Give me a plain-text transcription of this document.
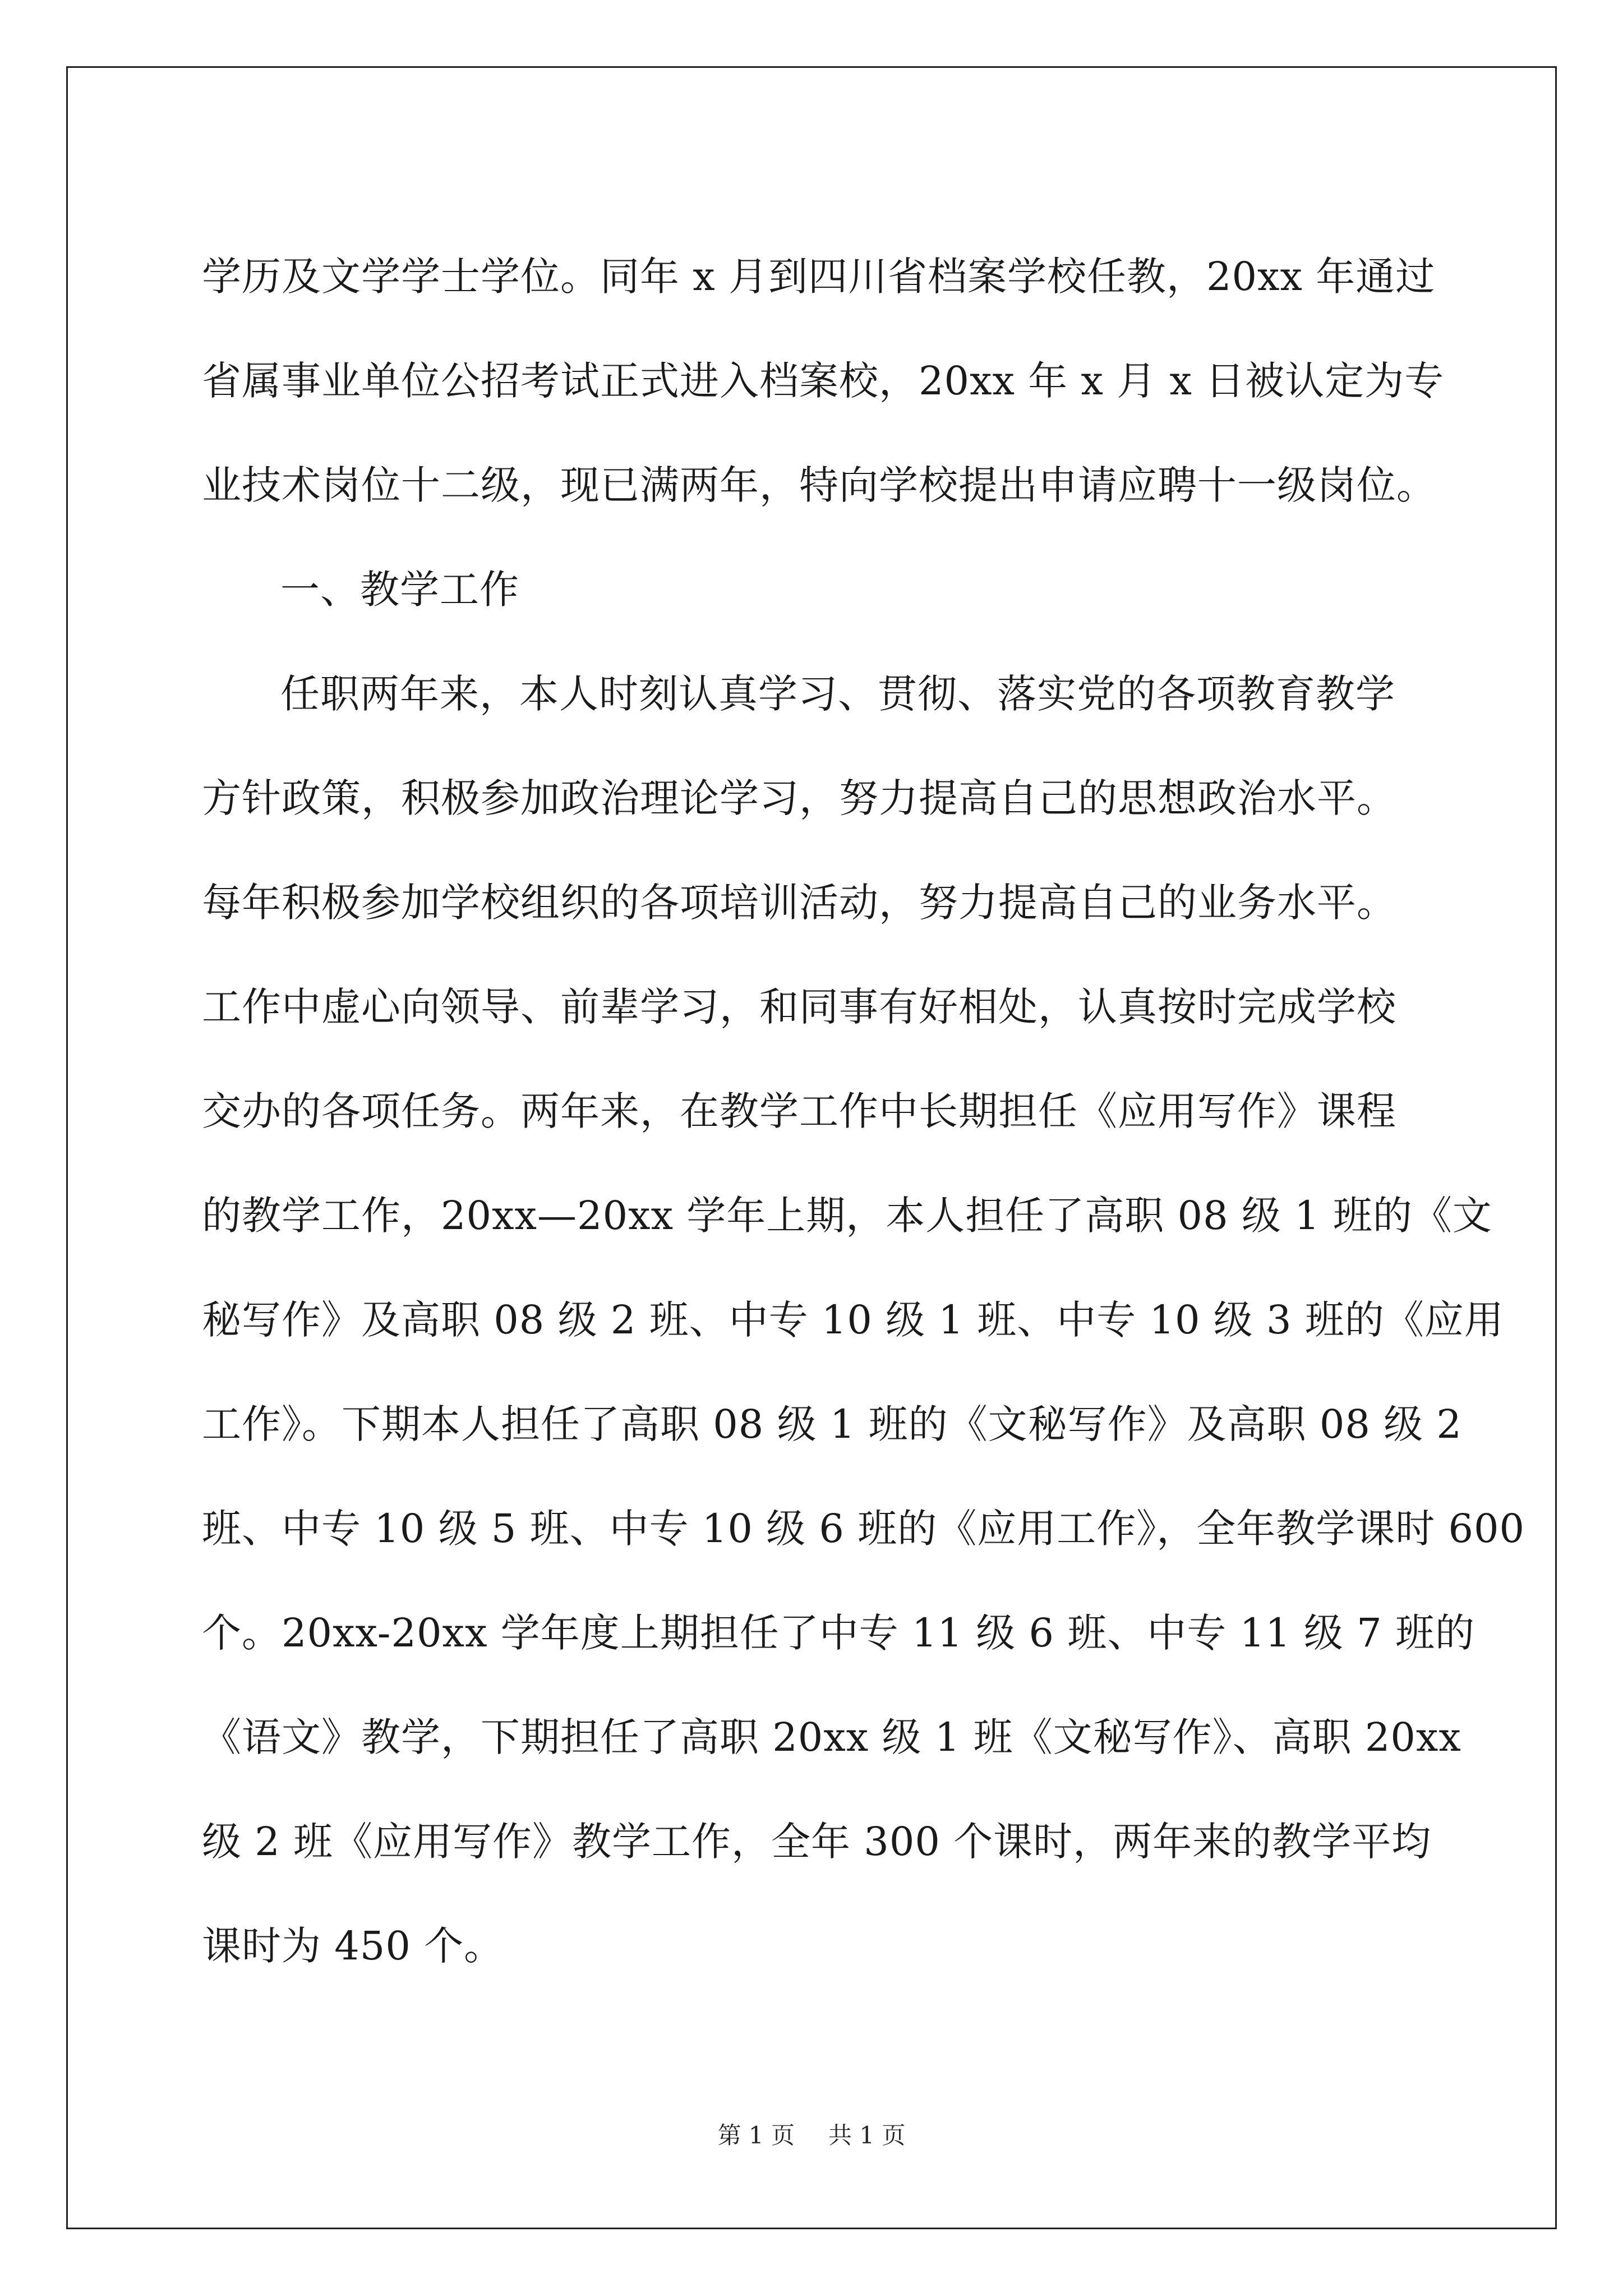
学历及文学学士学位。同年 x 月到四川省档案学校任教，20xx 年通过
省属事业单位公招考试正式进入档案校，20xx 年 x 月 x 日被认定为专
业技术岗位十二级，现已满两年，特向学校提出申请应聘十一级岗位。
一、教学工作
任职两年来，本人时刻认真学习、贯彻、落实党的各项教育教学
方针政策，积极参加政治理论学习，努力提高自己的思想政治水平。
每年积极参加学校组织的各项培训活动，努力提高自己的业务水平。
工作中虚心向领导、前辈学习，和同事有好相处，认真按时完成学校
交办的各项任务。两年来，在教学工作中长期担任《应用写作》课程
的教学工作，20xx—20xx 学年上期，本人担任了高职 08 级 1 班的《文
秘写作》及高职 08 级 2 班、中专 10 级 1 班、中专 10 级 3 班的《应用
工作》。下期本人担任了高职 08 级 1 班的《文秘写作》及高职 08 级 2
班、中专 10 级 5 班、中专 10 级 6 班的《应用工作》，全年教学课时 600
个。20xx-20xx 学年度上期担任了中专 11 级 6 班、中专 11 级 7 班的
《语文》教学，下期担任了高职 20xx 级 1 班《文秘写作》、高职 20xx
级 2 班《应用写作》教学工作，全年 300 个课时，两年来的教学平均
课时为 450 个。
第 1 页 共 1 页
